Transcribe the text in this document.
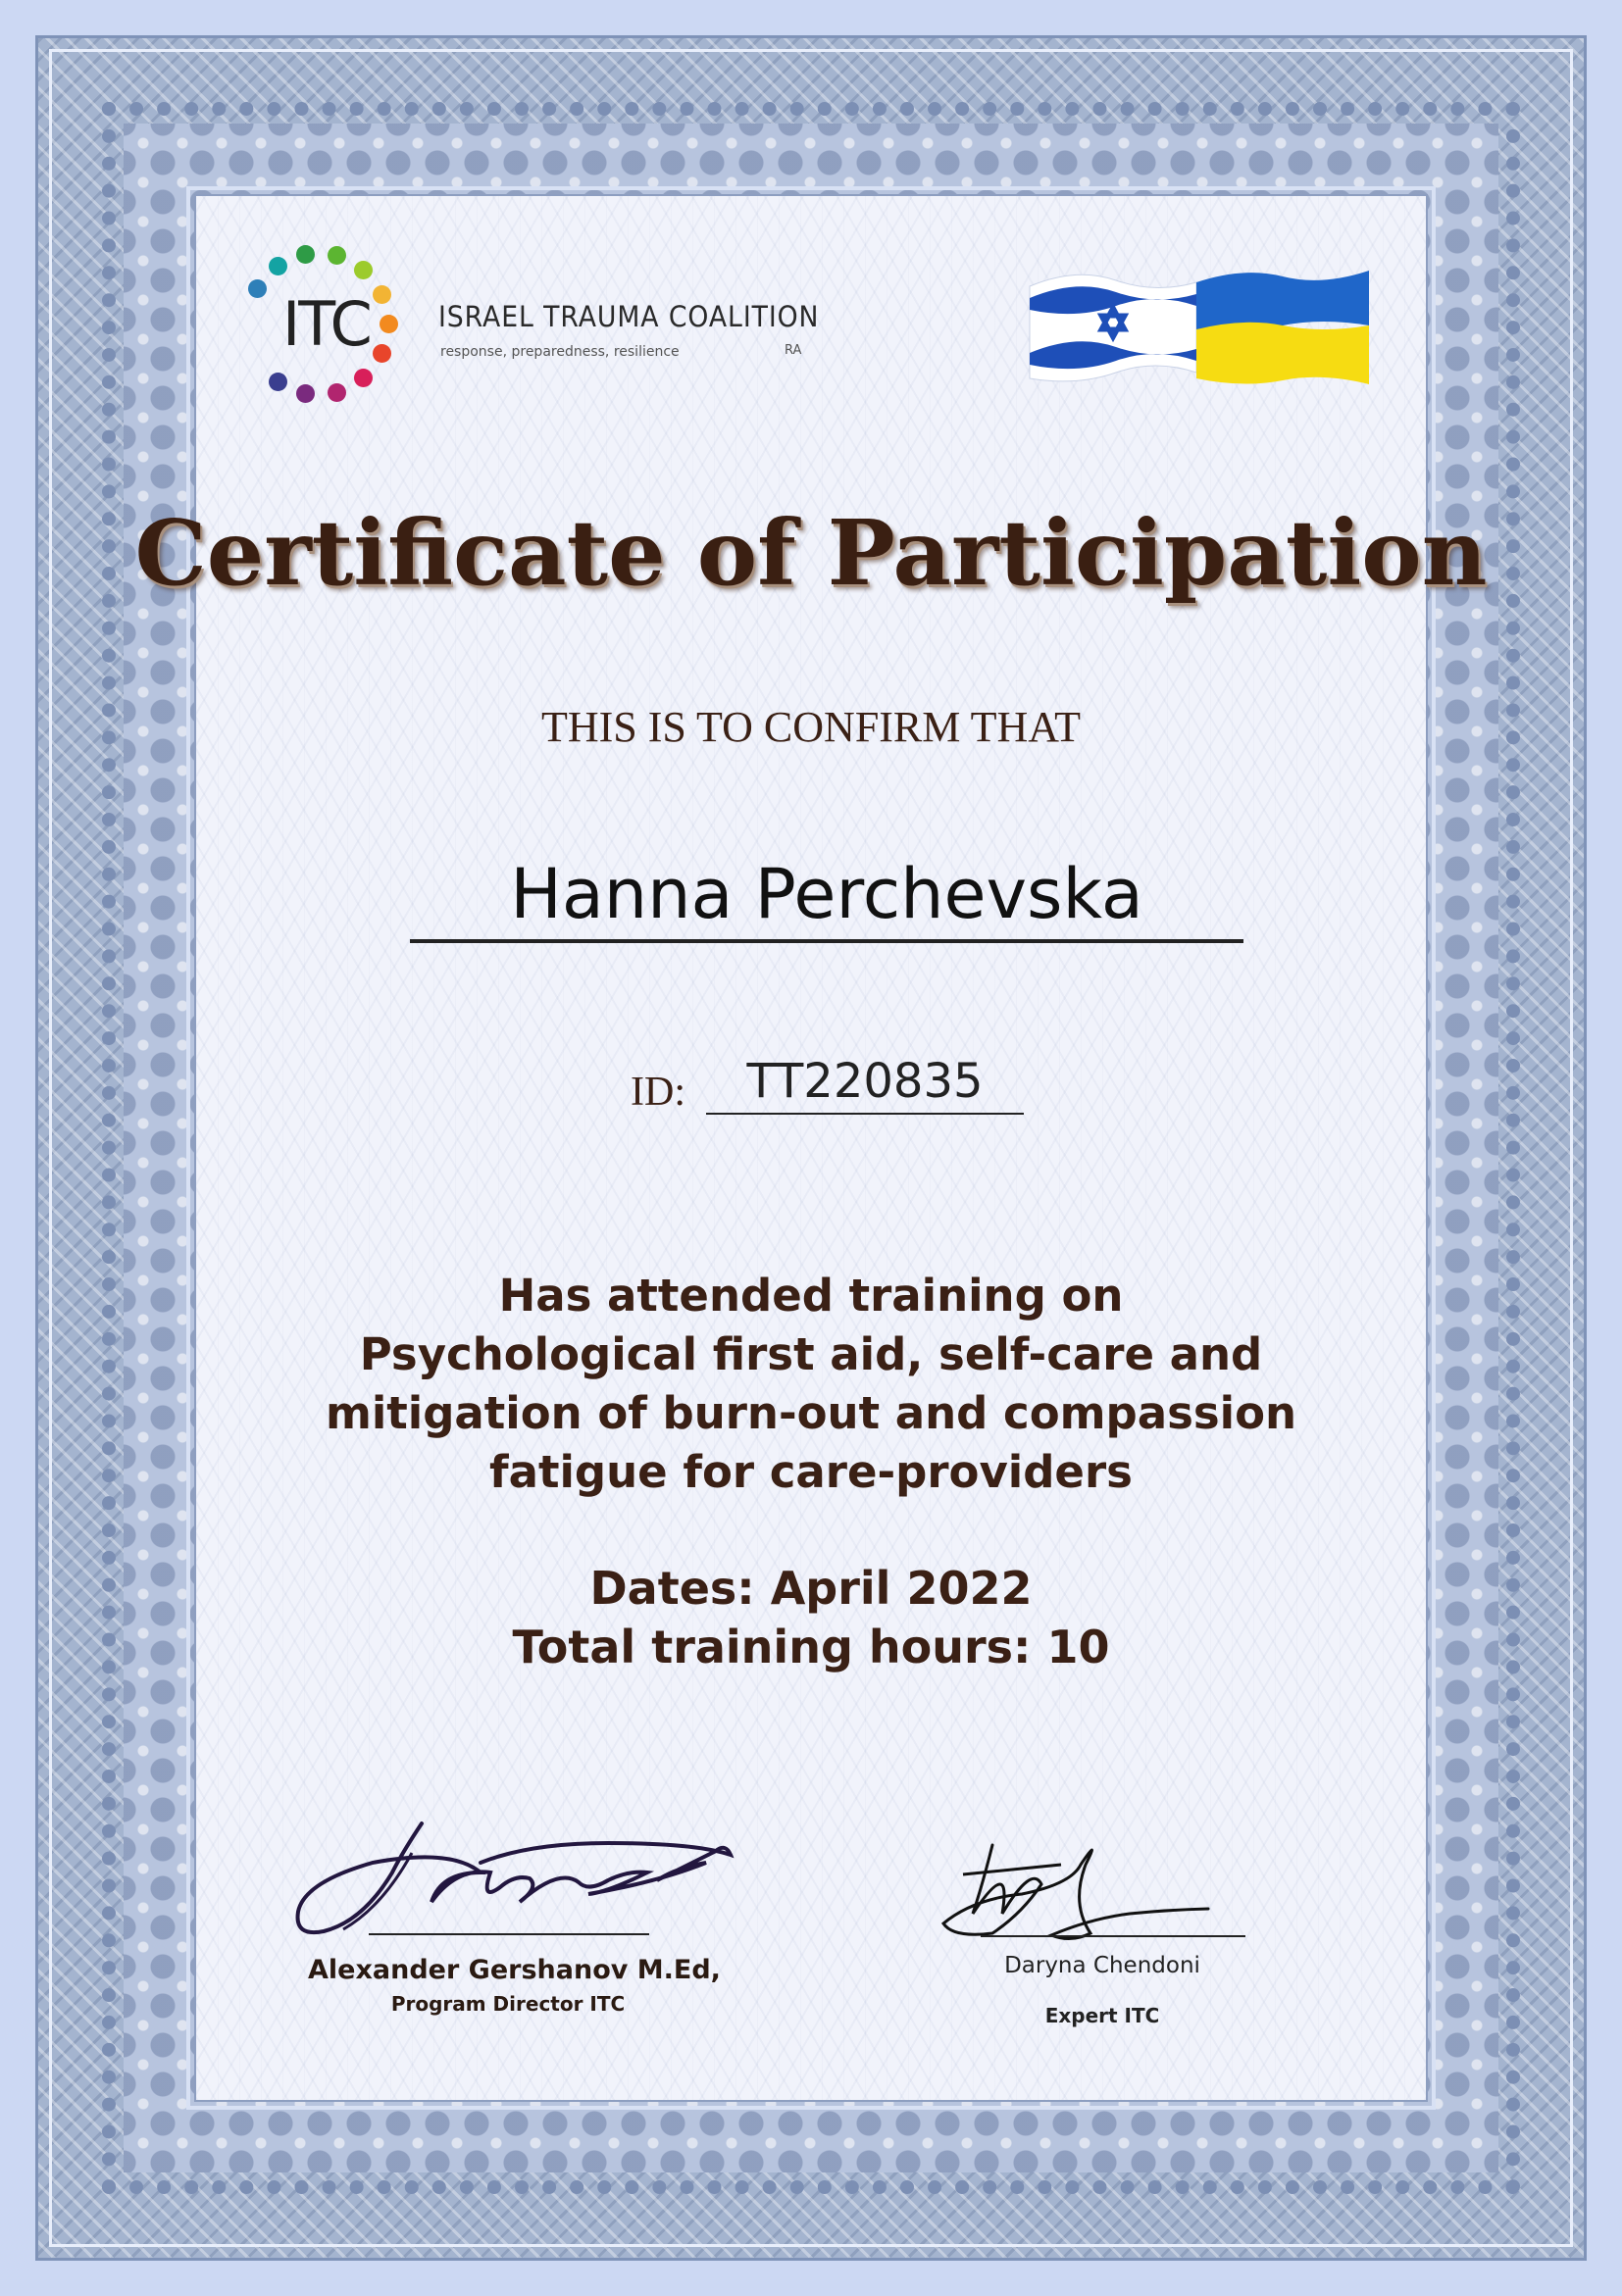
ITC ISRAEL TRAUMA COALITION
response, preparedness, resilience	RA
Certificate of Participation
THIS IS TO CONFIRM THAT
Hanna Perchevska
ID:	TT220835
Has attended training on
Psychological first aid, self-care and
mitigation of burn-out and compassion
fatigue for care-providers
Dates: April 2022
Total training hours: 10
Alexander Gershanov M.Ed,
Program Director ITC
Daryna Chendoni
Expert ITC
